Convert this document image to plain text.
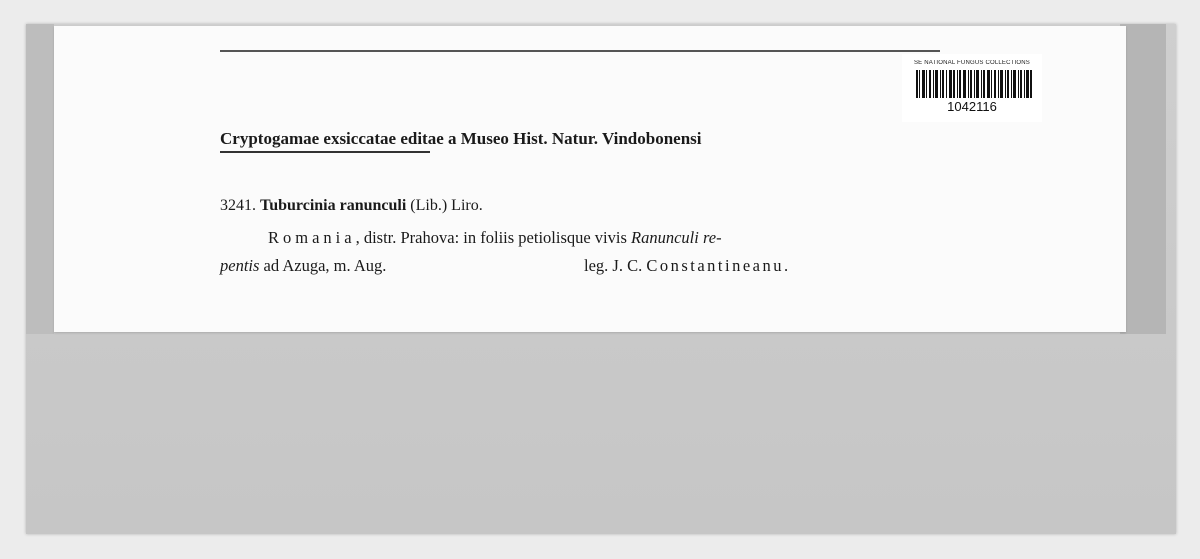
SE NATIONAL FUNGUS COLLECTIONS
1042116
Cryptogamae exsiccatae editae a Museo Hist. Natur. Vindobonensi
3241. Tuburcinia ranunculi (Lib.) Liro.
Romania, distr. Prahova: in foliis petiolisque vivis Ranunculi re-
pentis ad Azuga, m. Aug.	leg. J. C. Constantineanu.
